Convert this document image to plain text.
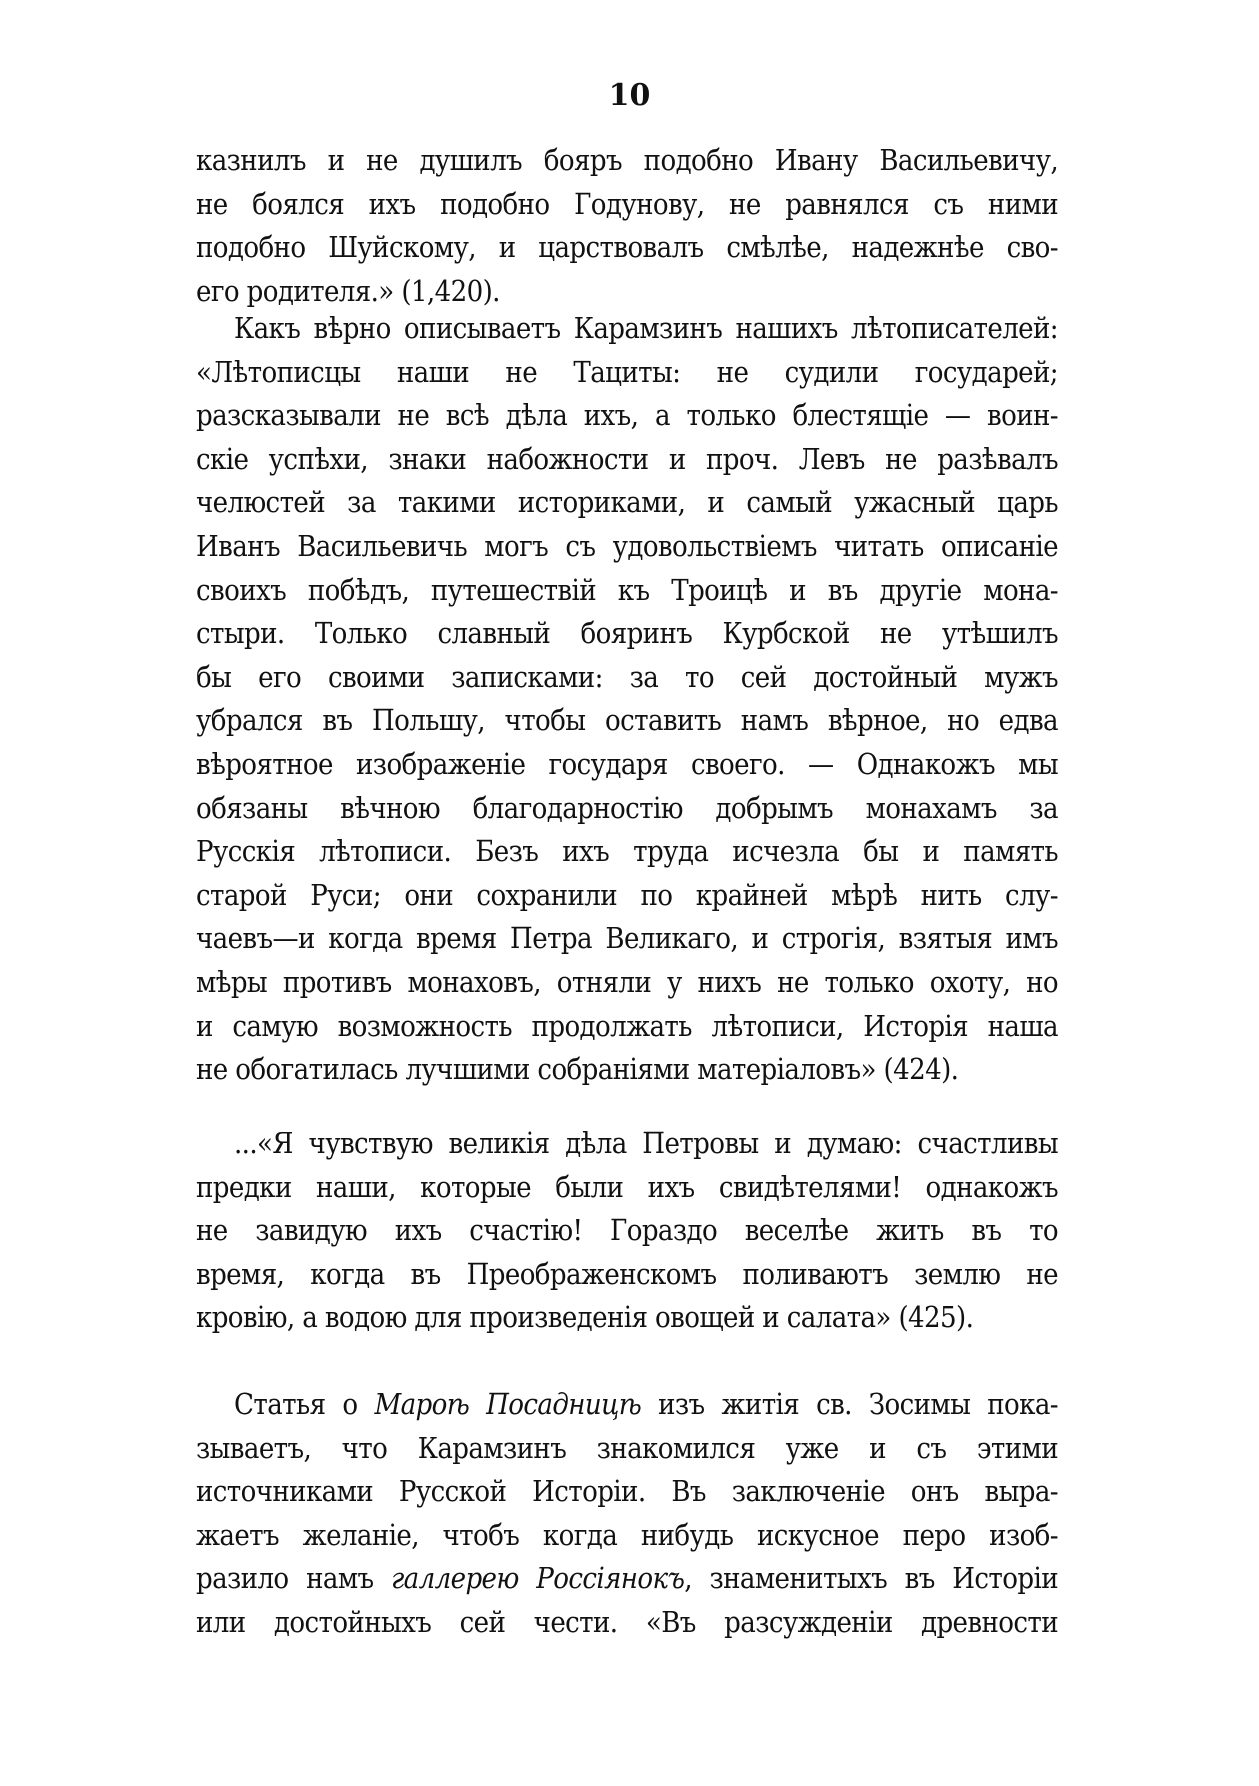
10
казнилъ и не душилъ бояръ подобно Ивану Васильевичу,
не боялся ихъ подобно Годунову, не равнялся съ ними
подобно Шуйскому, и царствовалъ смѣлѣе, надежнѣе сво-
его родителя.» (1,420).
Какъ вѣрно описываетъ Карамзинъ нашихъ лѣтописателей:
«Лѣтописцы наши не Тациты: не судили государей;
разсказывали не всѣ дѣла ихъ, а только блестящіе — воин-
скіе успѣхи, знаки набожности и проч. Левъ не разѣвалъ
челюстей за такими историками, и самый ужасный царь
Иванъ Васильевичь могъ съ удовольствіемъ читать описаніе
своихъ побѣдъ, путешествій къ Троицѣ и въ другіе мона-
стыри. Только славный бояринъ Курбской не утѣшилъ
бы его своими записками: за то сей достойный мужъ
убрался въ Польшу, чтобы оставить намъ вѣрное, но едва
вѣроятное изображеніе государя своего. — Однакожъ мы
обязаны вѣчною благодарностію добрымъ монахамъ за
Русскія лѣтописи. Безъ ихъ труда исчезла бы и память
старой Руси; они сохранили по крайней мѣрѣ нить слу-
чаевъ—и когда время Петра Великаго, и строгія, взятыя имъ
мѣры противъ монаховъ, отняли у нихъ не только охоту, но
и самую возможность продолжать лѣтописи, Исторія наша
не обогатилась лучшими собраніями матеріаловъ» (424).
...«Я чувствую великія дѣла Петровы и думаю: счастливы
предки наши, которые были ихъ свидѣтелями! однакожъ
не завидую ихъ счастію! Гораздо веселѣе жить въ то
время, когда въ Преображенскомъ поливаютъ землю не
кровію, а водою для произведенія овощей и салата» (425).
Статья о Мароѣ Посадницѣ изъ житія св. Зосимы пока-
зываетъ, что Карамзинъ знакомился уже и съ этими
источниками Русской Исторіи. Въ заключеніе онъ выра-
жаетъ желаніе, чтобъ когда нибудь искусное перо изоб-
разило намъ галлерею Россіянокъ, знаменитыхъ въ Исторіи
или достойныхъ сей чести. «Въ разсужденіи древности
